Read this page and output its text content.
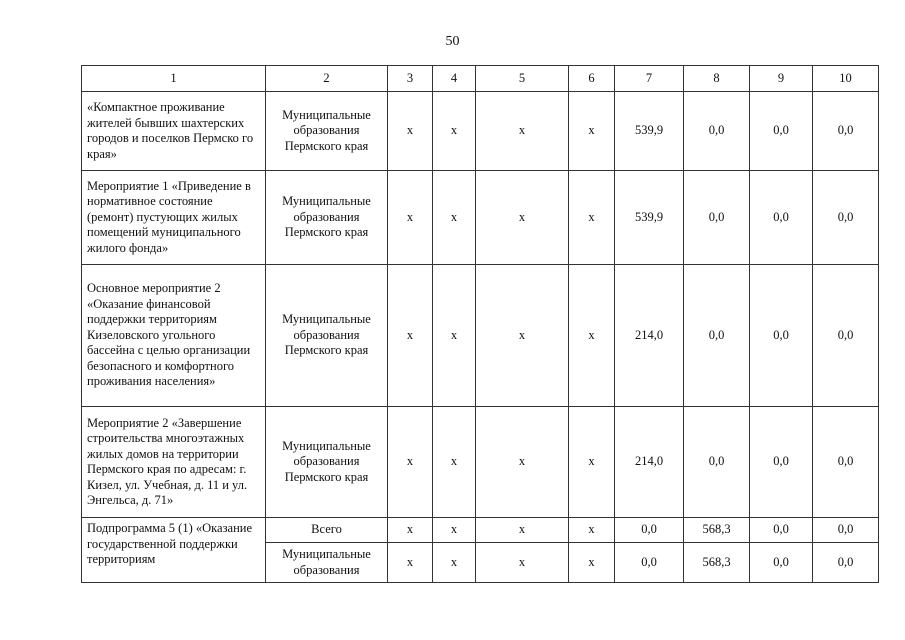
50
1	2	3	4	5	6	7	8	9	10
«Компактное проживание жителей бывших шахтерских городов и поселков Пермско го края»	Муниципальные образования Пермского края	х	х	х	х	539,9	0,0	0,0	0,0
Мероприятие 1 «Приведение в нормативное состояние (ремонт) пустующих жилых помещений муниципального жилого фонда»	Муниципальные образования Пермского края	х	х	х	х	539,9	0,0	0,0	0,0
Основное мероприятие 2 «Оказание финансовой поддержки территориям Кизеловского угольного бассейна с целью организации безопасного и комфортного проживания населения»	Муниципальные образования Пермского края	х	х	х	х	214,0	0,0	0,0	0,0
Мероприятие 2 «Завершение строительства многоэтажных жилых домов на территории Пермского края по адресам: г. Кизел, ул. Учебная, д. 11 и ул. Энгельса, д. 71»	Муниципальные образования Пермского края	х	х	х	х	214,0	0,0	0,0	0,0
Подпрограмма 5 (1) «Оказание государственной поддержки территориям	Всего	х	х	х	х	0,0	568,3	0,0	0,0
	Муниципальные образования	х	х	х	х	0,0	568,3	0,0	0,0
